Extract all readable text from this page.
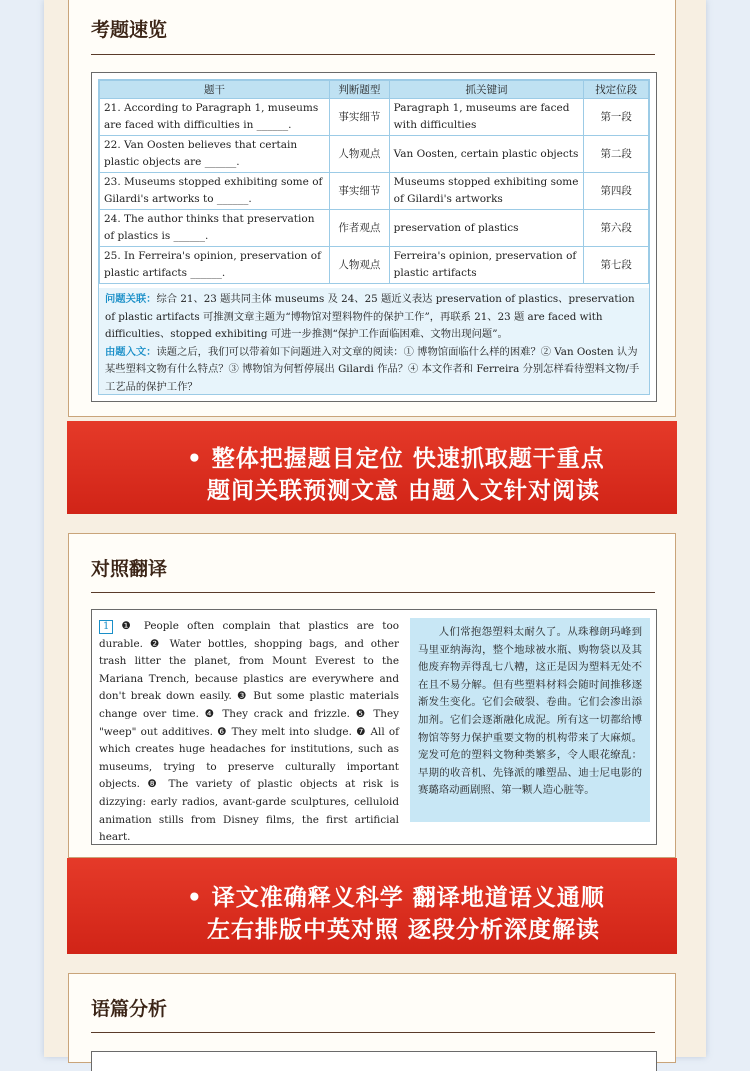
考题速览
题干	判断题型	抓关键词	找定位段
21. According to Paragraph 1, museums are faced with difficulties in ______.	事实细节	Paragraph 1, museums are faced with difficulties	第一段
22. Van Oosten believes that certain plastic objects are ______.	人物观点	Van Oosten, certain plastic objects	第二段
23. Museums stopped exhibiting some of Gilardi's artworks to ______.	事实细节	Museums stopped exhibiting some of Gilardi's artworks	第四段
24. The author thinks that preservation of plastics is ______.	作者观点	preservation of plastics	第六段
25. In Ferreira's opinion, preservation of plastic artifacts ______.	人物观点	Ferreira's opinion, preservation of plastic artifacts	第七段
问题关联：综合 21、23 题共同主体 museums 及 24、25 题近义表达 preservation of plastics、preservation of plastic artifacts 可推测文章主题为“博物馆对塑料物件的保护工作”，再联系 21、23 题 are faced with difficulties、stopped exhibiting 可进一步推测“保护工作面临困难、文物出现问题”。
由题入文：读题之后，我们可以带着如下问题进入对文章的阅读：① 博物馆面临什么样的困难？② Van Oosten 认为某些塑料文物有什么特点？③ 博物馆为何暂停展出 Gilardi 作品？④ 本文作者和 Ferreira 分别怎样看待塑料文物/手工艺品的保护工作？
• 整体把握题目定位 快速抓取题干重点
题间关联预测文意 由题入文针对阅读
对照翻译
1 ❶ People often complain that plastics are too durable. ❷ Water bottles, shopping bags, and other trash litter the planet, from Mount Everest to the Mariana Trench, because plastics are everywhere and don't break down easily. ❸ But some plastic materials change over time. ❹ They crack and frizzle. ❺ They "weep" out additives. ❻ They melt into sludge. ❼ All of which creates huge headaches for institutions, such as museums, trying to preserve culturally important objects. ❽ The variety of plastic objects at risk is dizzying: early radios, avant-garde sculptures, celluloid animation stills from Disney films, the first artificial heart.
人们常抱怨塑料太耐久了。从珠穆朗玛峰到马里亚纳海沟，整个地球被水瓶、购物袋以及其他废弃物弄得乱七八糟，这正是因为塑料无处不在且不易分解。但有些塑料材料会随时间推移逐渐发生变化。它们会破裂、卷曲。它们会渗出添加剂。它们会逐渐融化成泥。所有这一切都给博物馆等努力保护重要文物的机构带来了大麻烦。宠发可危的塑料文物种类繁多，令人眼花缭乱：早期的收音机、先锋派的雕塑品、迪士尼电影的赛璐珞动画剧照、第一颗人造心脏等。
• 译文准确释义科学 翻译地道语义通顺
左右排版中英对照 逐段分析深度解读
语篇分析
